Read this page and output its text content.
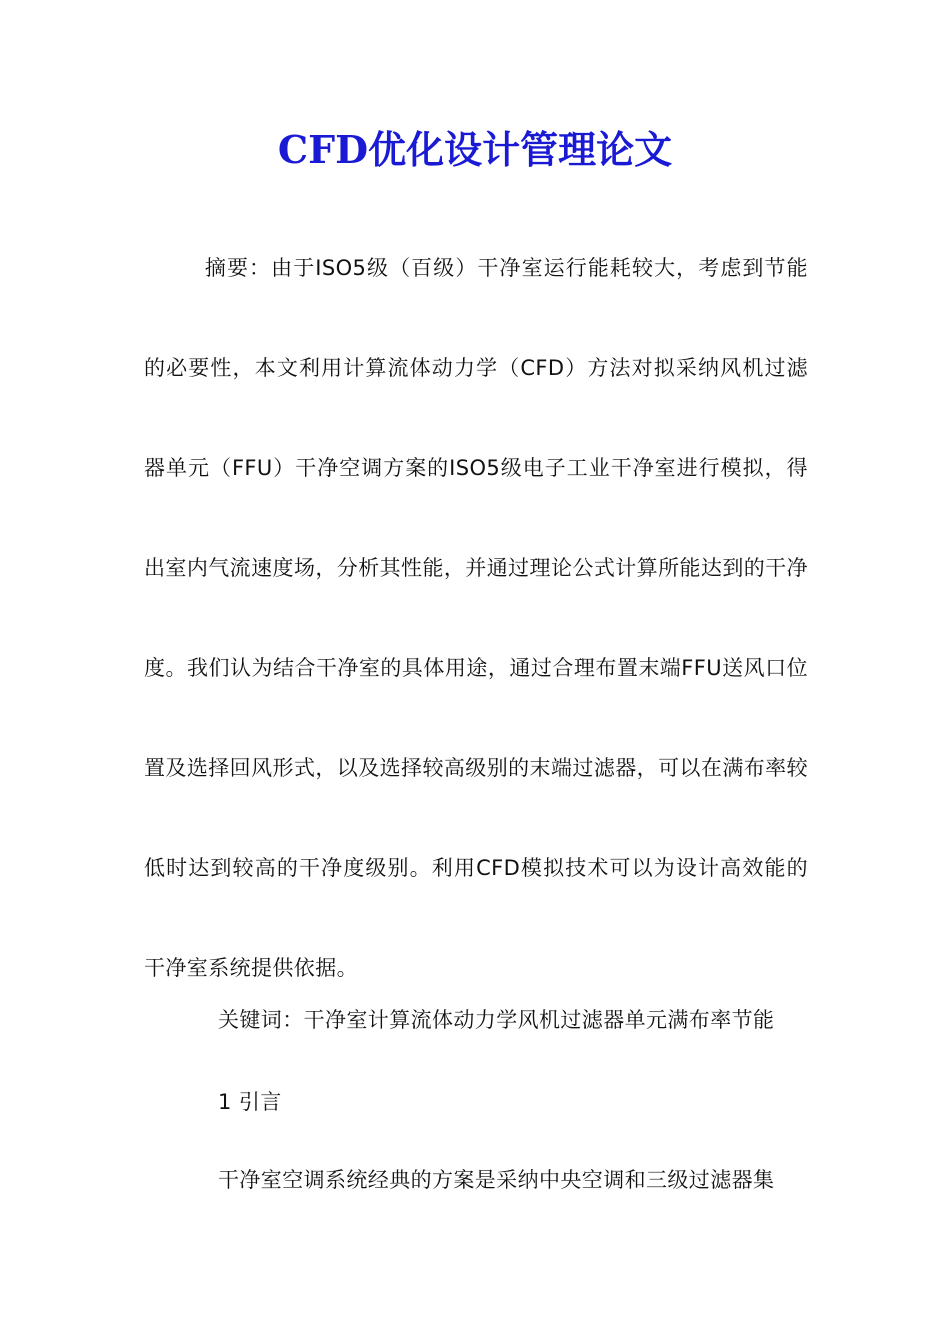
CFD优化设计管理论文

摘要：由于ISO5级（百级）干净室运行能耗较大，考虑到节能的必要性，本文利用计算流体动力学（CFD）方法对拟采纳风机过滤器单元（FFU）干净空调方案的ISO5级电子工业干净室进行模拟，得出室内气流速度场，分析其性能，并通过理论公式计算所能达到的干净度。我们认为结合干净室的具体用途，通过合理布置末端FFU送风口位置及选择回风形式，以及选择较高级别的末端过滤器，可以在满布率较低时达到较高的干净度级别。利用CFD模拟技术可以为设计高效能的干净室系统提供依据。

关键词：干净室计算流体动力学风机过滤器单元满布率节能

1 引言

干净室空调系统经典的方案是采纳中央空调和三级过滤器集
